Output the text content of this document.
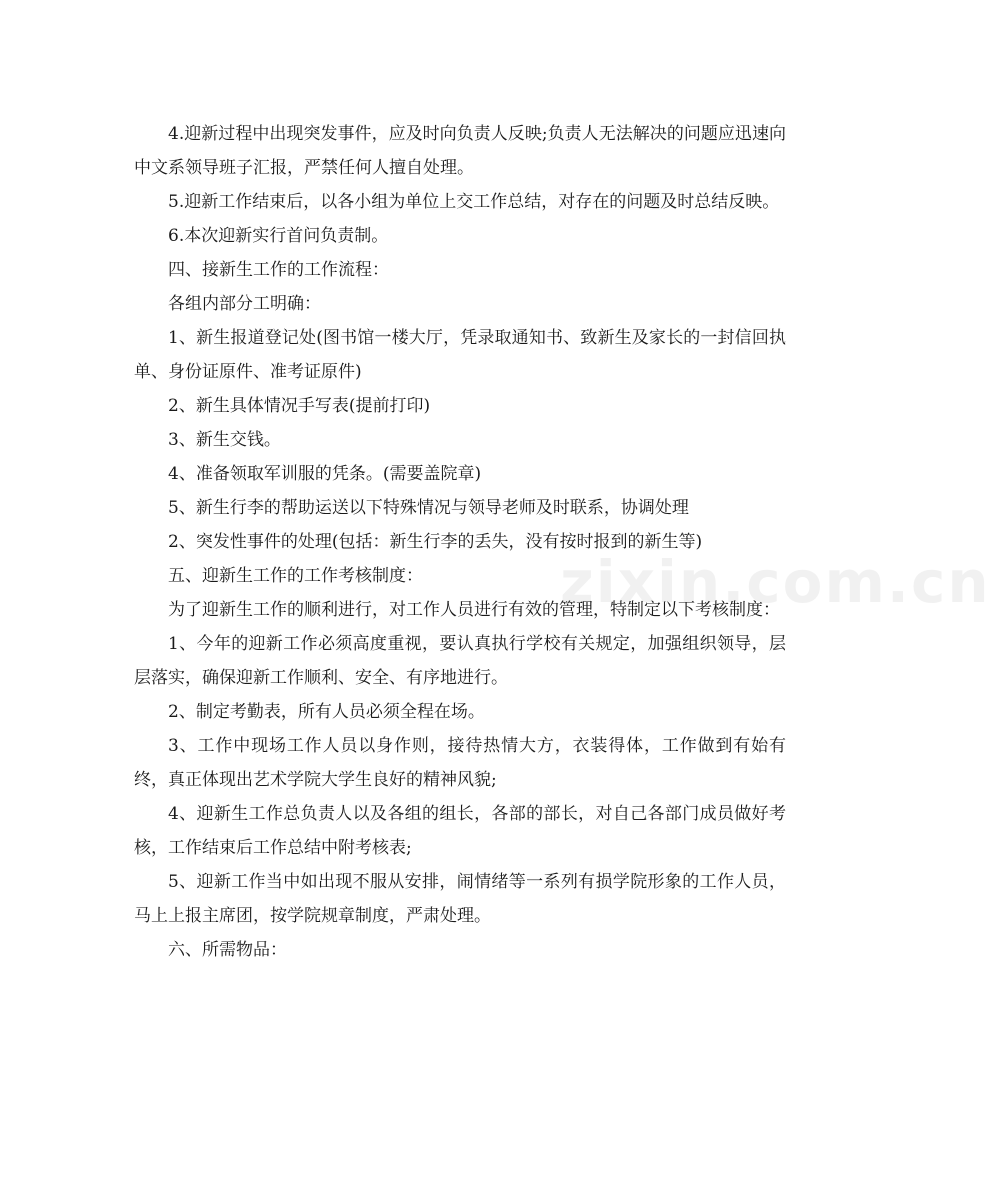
4.迎新过程中出现突发事件，应及时向负责人反映;负责人无法解决的问题应迅速向中文系领导班子汇报，严禁任何人擅自处理。

5.迎新工作结束后，以各小组为单位上交工作总结，对存在的问题及时总结反映。

6.本次迎新实行首问负责制。

四、接新生工作的工作流程：

各组内部分工明确：

1、新生报道登记处(图书馆一楼大厅，凭录取通知书、致新生及家长的一封信回执单、身份证原件、准考证原件)

2、新生具体情况手写表(提前打印)

3、新生交钱。

4、准备领取军训服的凭条。(需要盖院章)

5、新生行李的帮助运送以下特殊情况与领导老师及时联系，协调处理

2、突发性事件的处理(包括：新生行李的丢失，没有按时报到的新生等)

五、迎新生工作的工作考核制度：

为了迎新生工作的顺利进行，对工作人员进行有效的管理，特制定以下考核制度：

1、今年的迎新工作必须高度重视，要认真执行学校有关规定，加强组织领导，层层落实，确保迎新工作顺利、安全、有序地进行。

2、制定考勤表，所有人员必须全程在场。

3、工作中现场工作人员以身作则，接待热情大方，衣装得体，工作做到有始有终，真正体现出艺术学院大学生良好的精神风貌;

4、迎新生工作总负责人以及各组的组长，各部的部长，对自己各部门成员做好考核，工作结束后工作总结中附考核表;

5、迎新工作当中如出现不服从安排，闹情绪等一系列有损学院形象的工作人员，马上上报主席团，按学院规章制度，严肃处理。

六、所需物品：

zixin.com.cn
